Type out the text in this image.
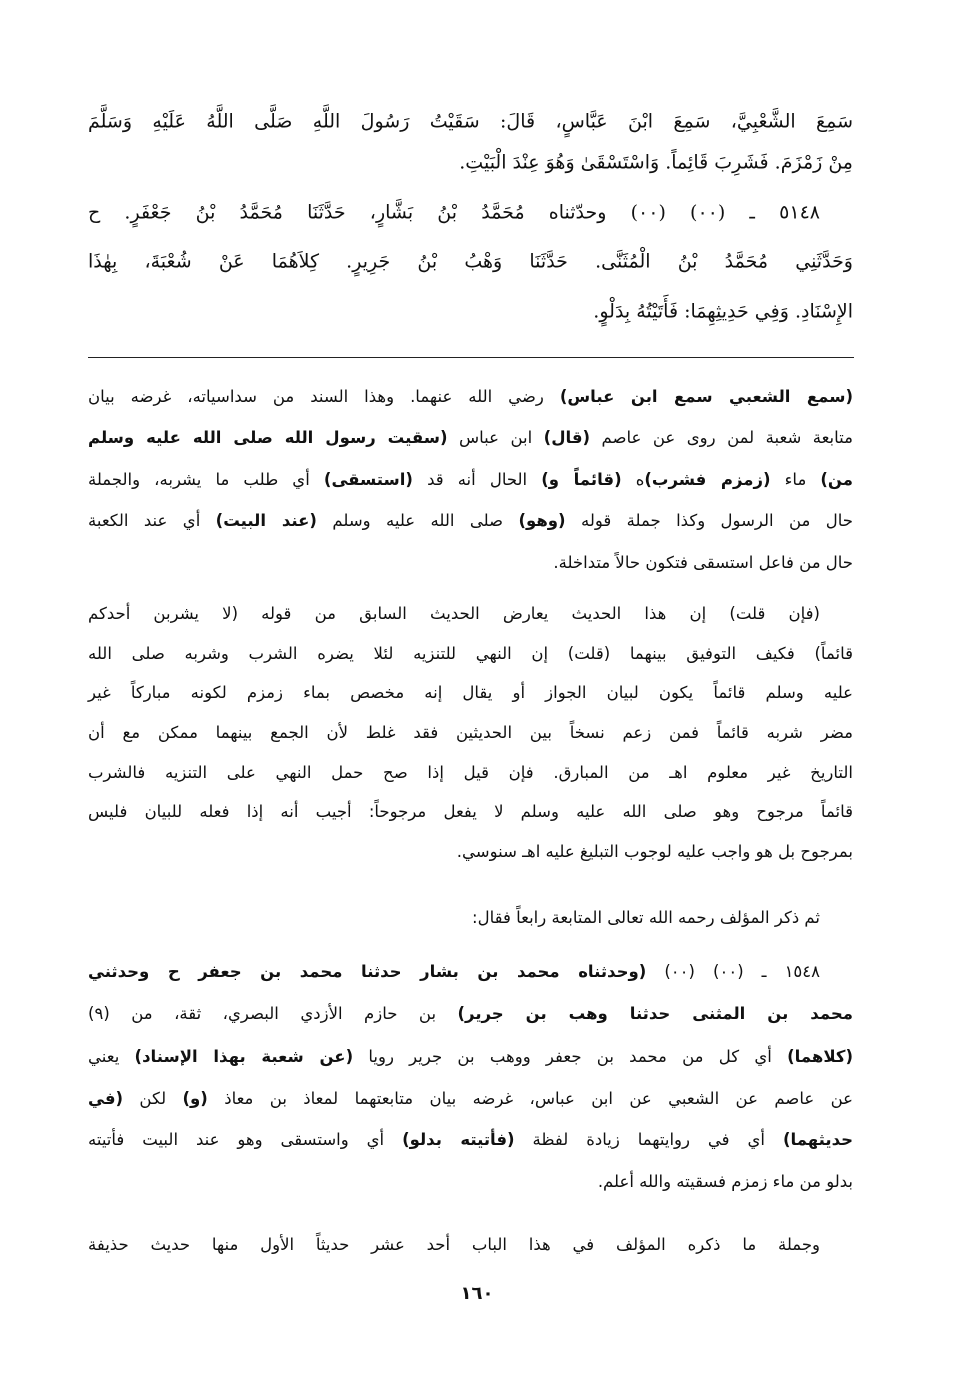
سَمِعَ الشَّعْبِيَّ، سَمِعَ ابْنَ عَبَّاسٍ، قَالَ: سَقَيْتُ رَسُولَ اللَّهِ صَلَّى اللَّهُ عَلَيْهِ وَسَلَّمَ
مِنْ زَمْزَمَ. فَشَرِبَ قَائِماً. وَاسْتَسْقَىٰ وَهُوَ عِنْدَ الْبَيْتِ.
٥١٤٨ ـ (٠٠) (٠٠) وحدّثناه مُحَمَّدُ بْنُ بَشَّارٍ، حَدَّثَنَا مُحَمَّدُ بْنُ جَعْفَرٍ. ح
وَحَدَّثَنِي مُحَمَّدُ بْنُ الْمُثَنَّى. حَدَّثَنَا وَهْبُ بْنُ جَرِيرٍ. كِلاَهُمَا عَنْ شُعْبَةَ، بِهٰذَا
الإِسْنَادِ. وَفِي حَدِيثِهِمَا: فَأَتَيْتُهُ بِدَلْوٍ.
(سمع الشعبي سمع ابن عباس) رضي الله عنهما. وهذا السند من سداسياته، غرضه بيان
متابعة شعبة لمن روى عن عاصم (قال) ابن عباس (سقيت رسول الله صلى الله عليه وسلم
من) ماء (زمزم فشرب)ه (قائماً و) الحال أنه قد (استسقى) أي طلب ما يشربه، والجملة
حال من الرسول وكذا جملة قوله (وهو) صلى الله عليه وسلم (عند البيت) أي عند الكعبة
حال من فاعل استسقى فتكون حالاً متداخلة.
(فإن قلت) إن هذا الحديث يعارض الحديث السابق من قوله (لا يشربن أحدكم
قائماً) فكيف التوفيق بينهما (قلت) إن النهي للتنزيه لئلا يضره الشرب وشربه صلى الله
عليه وسلم قائماً يكون لبيان الجواز أو يقال إنه مخصص بماء زمزم لكونه مباركاً غير
مضر شربه قائماً فمن زعم نسخاً بين الحديثين فقد غلط لأن الجمع بينهما ممكن مع أن
التاريخ غير معلوم اهـ من المبارق. فإن قيل إذا صح حمل النهي على التنزيه فالشرب
قائماً مرجوح وهو صلى الله عليه وسلم لا يفعل مرجوحاً: أجيب أنه إذا فعله للبيان فليس
بمرجوح بل هو واجب عليه لوجوب التبليغ عليه اهـ سنوسي.
ثم ذكر المؤلف رحمه الله تعالى المتابعة رابعاً فقال:
١٥٤٨ ـ (٠٠) (٠٠) (وحدثناه محمد بن بشار حدثنا محمد بن جعفر ح وحدثني
محمد بن المثنى حدثنا وهب بن جرير) بن حازم الأزدي البصري، ثقة، من (٩)
(كلاهما) أي كل من محمد بن جعفر ووهب بن جرير رويا (عن شعبة بهذا الإسناد) يعني
عن عاصم عن الشعبي عن ابن عباس، غرضه بيان متابعتهما لمعاذ بن معاذ (و) لكن (في
حديثهما) أي في روايتهما زيادة لفظة (فأتيته بدلو) أي واستسقى وهو عند البيت فأتيته
بدلو من ماء زمزم فسقيته والله أعلم.
وجملة ما ذكره المؤلف في هذا الباب أحد عشر حديثاً الأول منها حديث حذيفة
١٦٠
